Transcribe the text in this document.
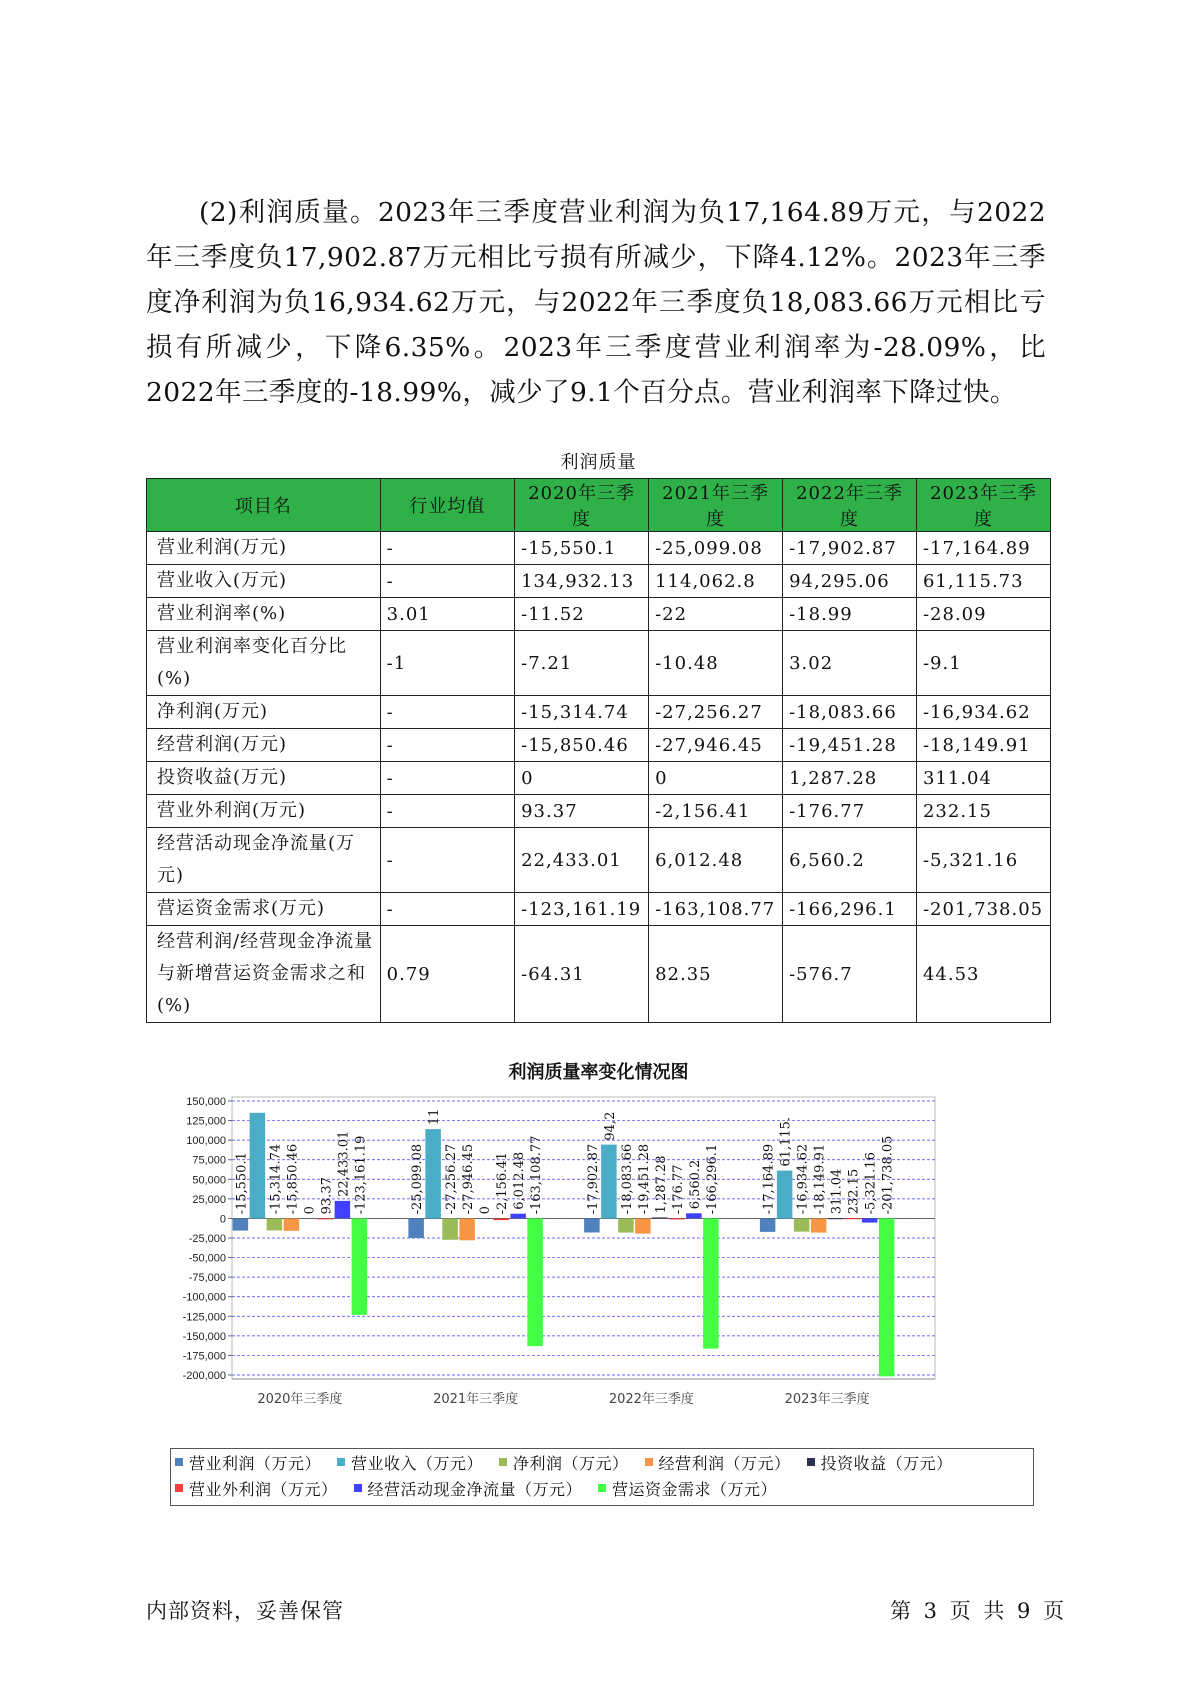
(2)利润质量。2023年三季度营业利润为负17,164.89万元，与2022年三季度负17,902.87万元相比亏损有所减少，下降4.12%。2023年三季度净利润为负16,934.62万元，与2022年三季度负18,083.66万元相比亏损有所减少，下降6.35%。2023年三季度营业利润率为-28.09%，比2022年三季度的-18.99%，减少了9.1个百分点。营业利润率下降过快。

利润质量
项目名	行业均值	2020年三季度	2021年三季度	2022年三季度	2023年三季度
营业利润(万元)	-	-15,550.1	-25,099.08	-17,902.87	-17,164.89
营业收入(万元)	-	134,932.13	114,062.8	94,295.06	61,115.73
营业利润率(%)	3.01	-11.52	-22	-18.99	-28.09
营业利润率变化百分比(%)	-1	-7.21	-10.48	3.02	-9.1
净利润(万元)	-	-15,314.74	-27,256.27	-18,083.66	-16,934.62
经营利润(万元)	-	-15,850.46	-27,946.45	-19,451.28	-18,149.91
投资收益(万元)	-	0	0	1,287.28	311.04
营业外利润(万元)	-	93.37	-2,156.41	-176.77	232.15
经营活动现金净流量(万元)	-	22,433.01	6,012.48	6,560.2	-5,321.16
营运资金需求(万元)	-	-123,161.19	-163,108.77	-166,296.1	-201,738.05
经营利润/经营现金净流量与新增营运资金需求之和(%)	0.79	-64.31	82.35	-576.7	44.53
利润质量率变化情况图
150,000
125,000
100,000
75,000
50,000
25,000
0
-25,000
-50,000
-75,000
-100,000
-125,000
-150,000
-175,000
-200,000
-15,550.1 -15,314.74 -15,850.46 0 93.37 22,433.01 -123,161.19
2020年三季度
-25,099.08
11
-27,256.27 -27,946.45 0 -2,156.41 6,012.48 -163,108.77
2021年三季度
-17,902.87
94,2
-18,083.66 -19,451.28 1,287.28 -176.77 6,560.2 -166,296.1
2022年三季度
-17,164.89
61,115.
-16,934.62 -18,149.91 311.04 232.15 -5,321.16 -201,738.05
2023年三季度
营业利润（万元） 营业收入（万元） 净利润（万元） 经营利润（万元） 投资收益（万元）
营业外利润（万元） 经营活动现金净流量（万元） 营运资金需求（万元）
内部资料，妥善保管	第 3 页 共 9 页
